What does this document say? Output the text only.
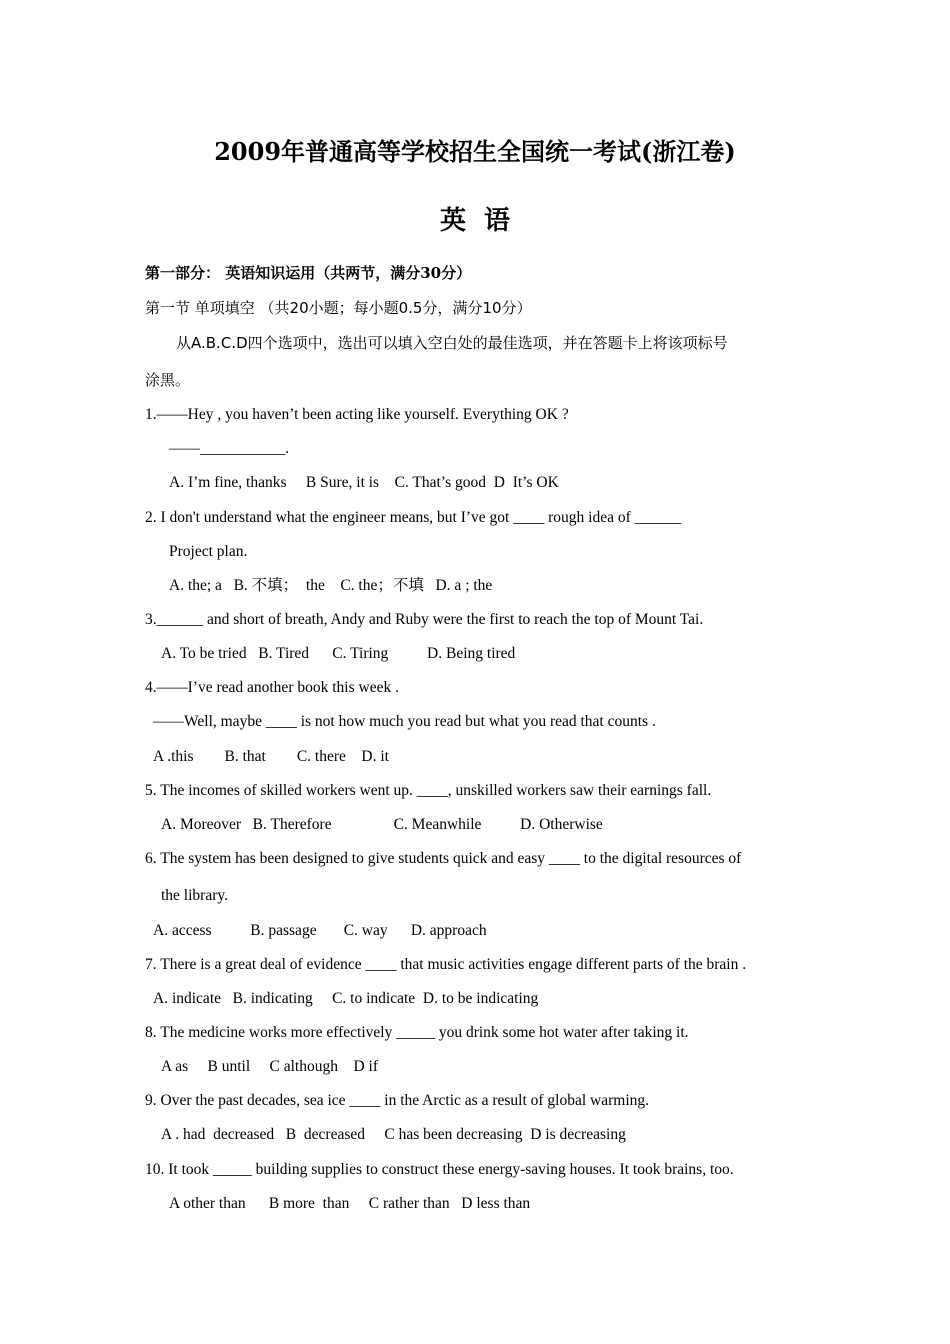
2009年普通高等学校招生全国统一考试(浙江卷)
英语
第一部分： 英语知识运用（共两节，满分30分）
第一节 单项填空 （共20小题；每小题0.5分，满分10分）
从A.B.C.D四个选项中，选出可以填入空白处的最佳选项，并在答题卡上将该项标号
涂黑。
1.——Hey , you haven’t been acting like yourself. Everything OK ?
——___________.
A. I’m fine, thanks     B Sure, it is    C. That’s good  D  It’s OK
2. I don't understand what the engineer means, but I’ve got ____ rough idea of ______
Project plan.
A. the; a   B. 不填；  the    C. the；不填   D. a ; the
3.______ and short of breath, Andy and Ruby were the first to reach the top of Mount Tai.
A. To be tried   B. Tired      C. Tiring          D. Being tired
4.——I’ve read another book this week .
——Well, maybe ____ is not how much you read but what you read that counts .
A .this        B. that        C. there    D. it
5. The incomes of skilled workers went up. ____, unskilled workers saw their earnings fall.
A. Moreover   B. Therefore                C. Meanwhile          D. Otherwise
6. The system has been designed to give students quick and easy ____ to the digital resources of
the library.
A. access          B. passage       C. way      D. approach
7. There is a great deal of evidence ____ that music activities engage different parts of the brain .
A. indicate   B. indicating     C. to indicate  D. to be indicating
8. The medicine works more effectively _____ you drink some hot water after taking it.
A as     B until     C although    D if
9. Over the past decades, sea ice ____ in the Arctic as a result of global warming.
A . had  decreased   B  decreased     C has been decreasing  D is decreasing
10. It took _____ building supplies to construct these energy-saving houses. It took brains, too.
A other than      B more  than     C rather than   D less than
